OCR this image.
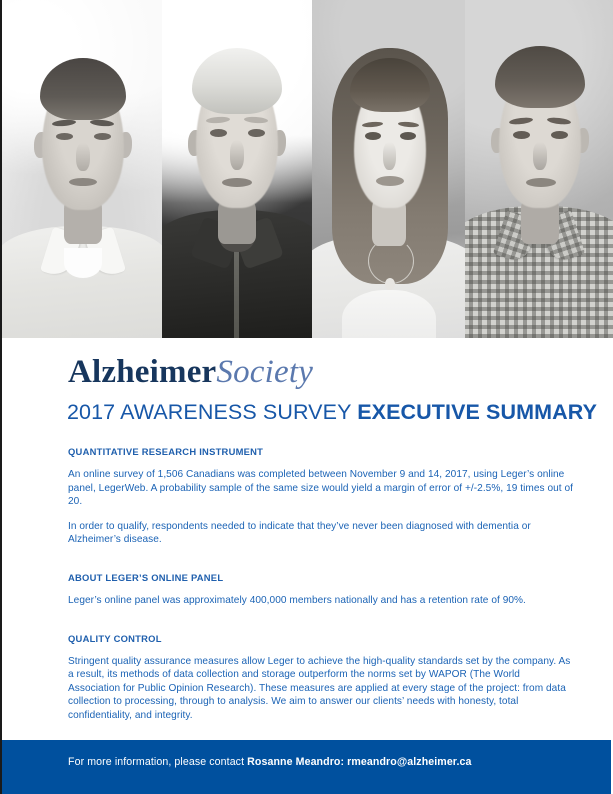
AlzheimerSociety
2017 AWARENESS SURVEY EXECUTIVE SUMMARY
QUANTITATIVE RESEARCH INSTRUMENT

An online survey of 1,506 Canadians was completed between November 9 and 14, 2017, using Leger’s online panel, LegerWeb. A probability sample of the same size would yield a margin of error of +/-2.5%, 19 times out of 20.

In order to qualify, respondents needed to indicate that they’ve never been diagnosed with dementia or Alzheimer’s disease.

ABOUT LEGER’S ONLINE PANEL

Leger’s online panel was approximately 400,000 members nationally and has a retention rate of 90%.

QUALITY CONTROL

Stringent quality assurance measures allow Leger to achieve the high-quality standards set by the company. As a result, its methods of data collection and storage outperform the norms set by WAPOR (The World Association for Public Opinion Research). These measures are applied at every stage of the project: from data collection to processing, through to analysis. We aim to answer our clients’ needs with honesty, total confidentiality, and integrity.

For more information, please contact Rosanne Meandro: rmeandro@alzheimer.ca
